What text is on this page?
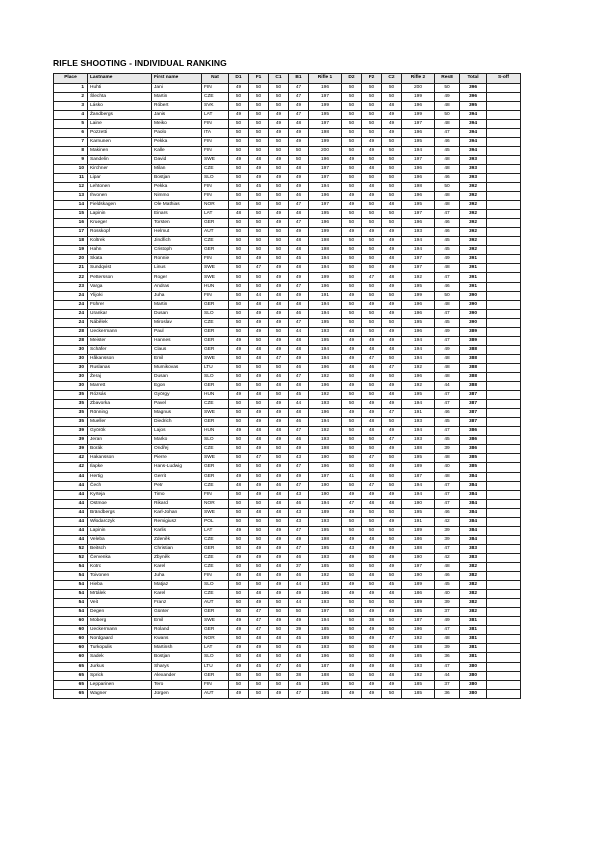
RIFLE SHOOTING - INDIVIDUAL RANKING
Place	Lastname	First name	Nat	D1	F1	C1	B1	Rifle 1	D2	F2	C2	Rifle 2	Res8	Total	S-off
1	Huhti	Jani	FIN	49	50	50	47	196	50	50	50	200	50	396	
2	Šlechta	Martin	CZE	50	50	50	47	197	50	50	50	199	49	396	
3	Lásko	Róbert	SVK	50	50	50	49	199	50	50	48	196	48	395	
4	Žandbergs	Janis	LAT	49	50	49	47	195	50	50	49	199	50	394	
5	Laine	Meiko	FIN	50	50	49	48	197	50	50	49	197	48	394	
6	Pozzetti	Paolo	ITA	50	50	49	49	198	50	50	49	196	47	394	
7	Karnunen	Pekka	FIN	50	50	50	49	199	50	49	50	195	46	394	
8	Makinen	Kalle	FIN	50	50	50	50	200	50	49	50	194	45	394	
9	Sandelin	David	SWE	49	48	49	50	196	49	50	50	197	48	393	
10	Kirchner	Milan	CZE	50	49	50	48	197	50	48	50	196	48	393	
11	Lipar	Bostjan	SLO	50	49	49	49	197	50	50	50	196	46	393	
12	Lehtonen	Pekka	FIN	50	45	50	49	194	50	48	50	198	50	392	
13	Ihvonen	Nimmo	FIN	50	50	50	46	196	49	49	50	196	48	392	
14	Fieldskagen	Ole Mathias	NOR	50	50	50	47	197	49	50	48	195	48	392	
15	Lapinin	Einars	LAT	48	50	49	48	195	50	50	50	197	47	392	
16	Krueger	Torsten	GER	50	50	49	47	196	50	50	50	196	46	392	
17	Rosskopf	Helmut	AUT	50	50	50	49	199	49	49	49	193	46	392	
18	Koltrek	Jindřich	CZE	50	50	50	48	198	50	50	49	194	45	392	
19	Hahn	Cristoph	GER	50	50	50	48	198	50	50	49	194	45	392	
20	Skata	Ronnie	FIN	50	49	50	45	194	50	50	48	197	49	391	
21	Sundqvist	Linus	SWE	50	47	49	48	194	50	50	49	197	48	391	
22	Pettersson	Roger	SWE	50	50	49	49	199	50	47	48	192	47	391	
23	Varga	Andras	HUN	50	50	49	47	196	50	50	49	195	46	391	
24	Ylijoki	Juha	FIN	50	44	48	49	191	49	50	50	199	50	390	
24	Führer	Martin	GER	50	48	48	48	194	50	49	49	196	48	390	
24	Urankar	Dusan	SLO	50	49	49	46	194	50	50	49	196	47	390	
24	Nábělek	Miroslav	CZE	50	49	49	47	195	50	50	50	195	45	390	
28	Ueckermann	Paul	GER	50	49	50	44	193	48	50	49	196	49	389	
28	Meister	Hannes	GER	49	50	49	48	195	49	49	49	194	47	389	
30	Schäfer	Claus	GER	49	48	49	48	194	49	48	48	194	49	388	
30	Håkansson	Emil	SWE	50	48	47	49	194	49	47	50	194	48	388	
30	Ruslanas	Mumikovas	LTU	50	50	50	46	196	48	46	47	192	48	388	
30	Žeraj	Dusan	SLO	50	49	46	47	192	50	49	50	196	48	388	
30	Marrett	Egon	GER	50	50	48	48	196	49	50	49	192	44	388	
35	Rózsás	György	HUN	49	48	50	45	192	50	50	48	195	47	387	
35	Zbavorka	Pavel	CZE	50	50	49	44	193	50	49	49	194	47	387	
35	Rönning	Magnus	SWE	50	49	49	48	196	49	49	47	191	46	387	
35	Mueller	Diedrich	GER	50	49	49	46	194	50	48	50	193	45	387	
39	Györök	Lajos	HUN	49	48	48	47	192	50	48	49	194	47	386	
39	Jeran	Marko	SLO	50	48	49	46	193	50	50	47	193	45	386	
39	Borák	Ondřej	CZE	50	49	50	49	198	50	50	49	188	39	386	
42	Hakansson	Pierre	SWE	50	47	50	43	190	50	47	50	195	48	385	
42	Ilapke	Hans-Ludwig	GER	50	50	49	47	196	50	50	49	189	40	385	
44	Hertig	Gerrit	GER	49	50	49	49	197	41	48	50	187	48	384	
44	Čech	Petr	CZE	48	49	46	47	190	50	47	50	194	47	384	
44	Kyrteja	Timo	FIN	50	49	48	43	190	49	49	49	194	47	384	
44	Ostmoe	Rikard	NOR	50	50	48	46	194	47	48	48	190	47	384	
44	Brändbergs	Karl-Johan	SWE	50	48	48	43	189	49	50	50	195	46	384	
44	Włodarczyk	Remigiusz	POL	50	50	50	43	193	50	50	49	191	42	384	
44	Lapinin	Karlis	LAT	49	50	49	47	195	50	50	50	189	39	384	
44	Veleba	Zdeněk	CZE	50	50	49	49	198	49	48	50	186	39	384	
52	Beitsch	Christian	GER	50	49	49	47	195	43	49	49	188	47	383	
52	Červenka	Zbyněk	CZE	49	49	49	46	193	49	50	49	190	42	383	
54	Kotrc	Karel	CZE	50	50	48	37	185	50	50	49	197	48	382	
54	Toivonen	Juha	FIN	49	48	49	46	192	50	48	50	190	46	382	
54	Hieba	Matjaz	SLO	50	50	49	44	193	49	50	45	189	45	382	
54	Mrtálek	Karel	CZE	50	48	49	49	196	49	49	48	186	40	382	
54	Veit	Franz	AUT	50	49	50	44	193	50	50	50	189	39	382	
54	Degen	Günter	GER	50	47	50	50	197	50	49	49	185	37	382	
60	Moberg	Emil	SWE	49	47	49	49	194	50	38	50	187	49	381	
60	Ueckermann	Roland	GER	49	47	50	39	185	50	49	50	196	47	381	
60	Nordgaard	Kwans	NOR	50	48	48	45	189	50	49	47	192	48	381	
60	Turkopulis	Martinsh	LAT	49	49	50	45	193	50	50	49	188	39	381	
60	Sadek	Bostjan	SLO	50	48	50	48	196	50	50	49	185	36	381	
65	Jurkus	Sharys	LTU	49	45	47	46	187	49	49	48	193	47	380	
65	Sprick	Alexander	GER	50	50	50	38	188	50	50	48	192	44	380	
65	Lepparinen	Tero	FIN	50	50	50	45	195	50	49	49	185	37	380	
65	Wagner	Jürgen	AUT	49	50	49	47	195	49	49	50	185	36	380	
